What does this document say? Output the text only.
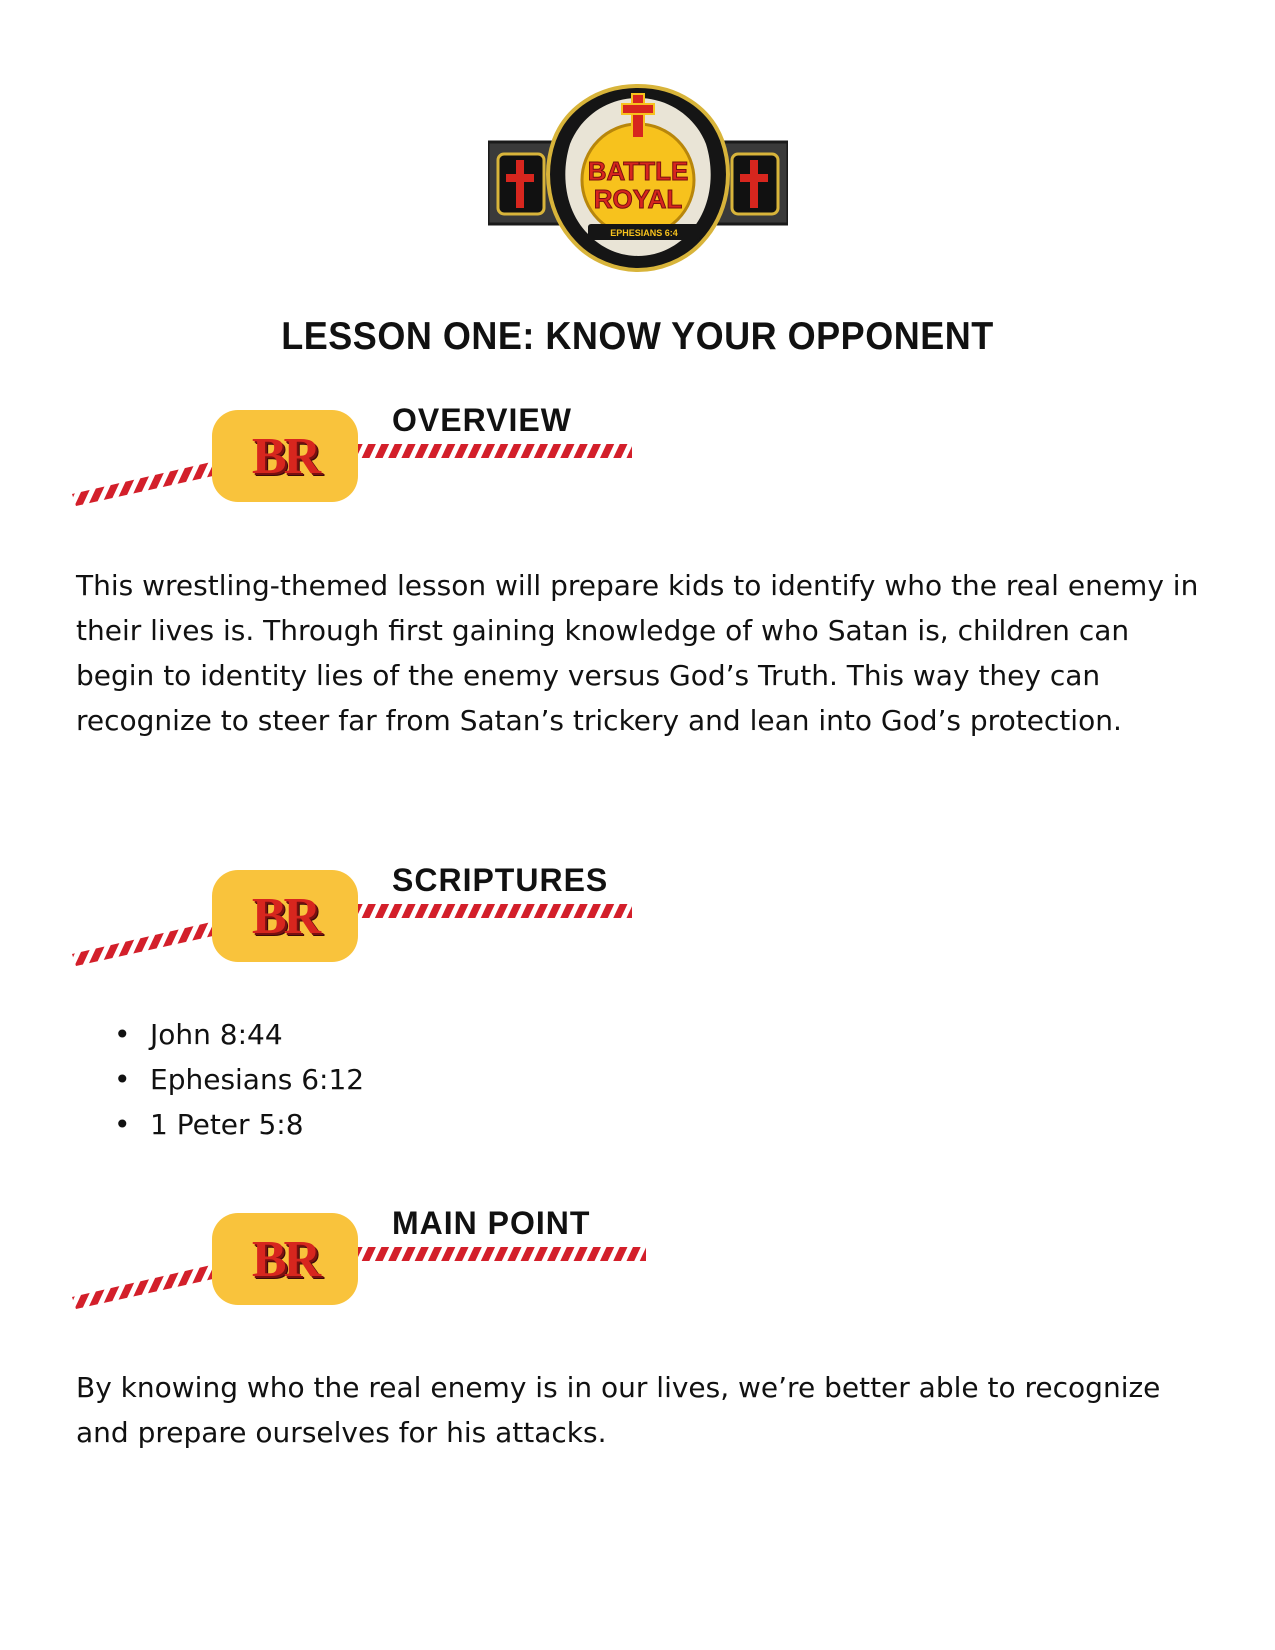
BATTLE
ROYAL
EPHESIANS 6:4
LESSON ONE: KNOW YOUR OPPONENT
BR
OVERVIEW
This wrestling-themed lesson will prepare kids to identify who the real enemy in their lives is. Through first gaining knowledge of who Satan is, children can begin to identity lies of the enemy versus God’s Truth. This way they can recognize to steer far from Satan’s trickery and lean into God’s protection.
BR
SCRIPTURES
• John 8:44
• Ephesians 6:12
• 1 Peter 5:8
BR
MAIN POINT
By knowing who the real enemy is in our lives, we’re better able to recognize and prepare ourselves for his attacks.
